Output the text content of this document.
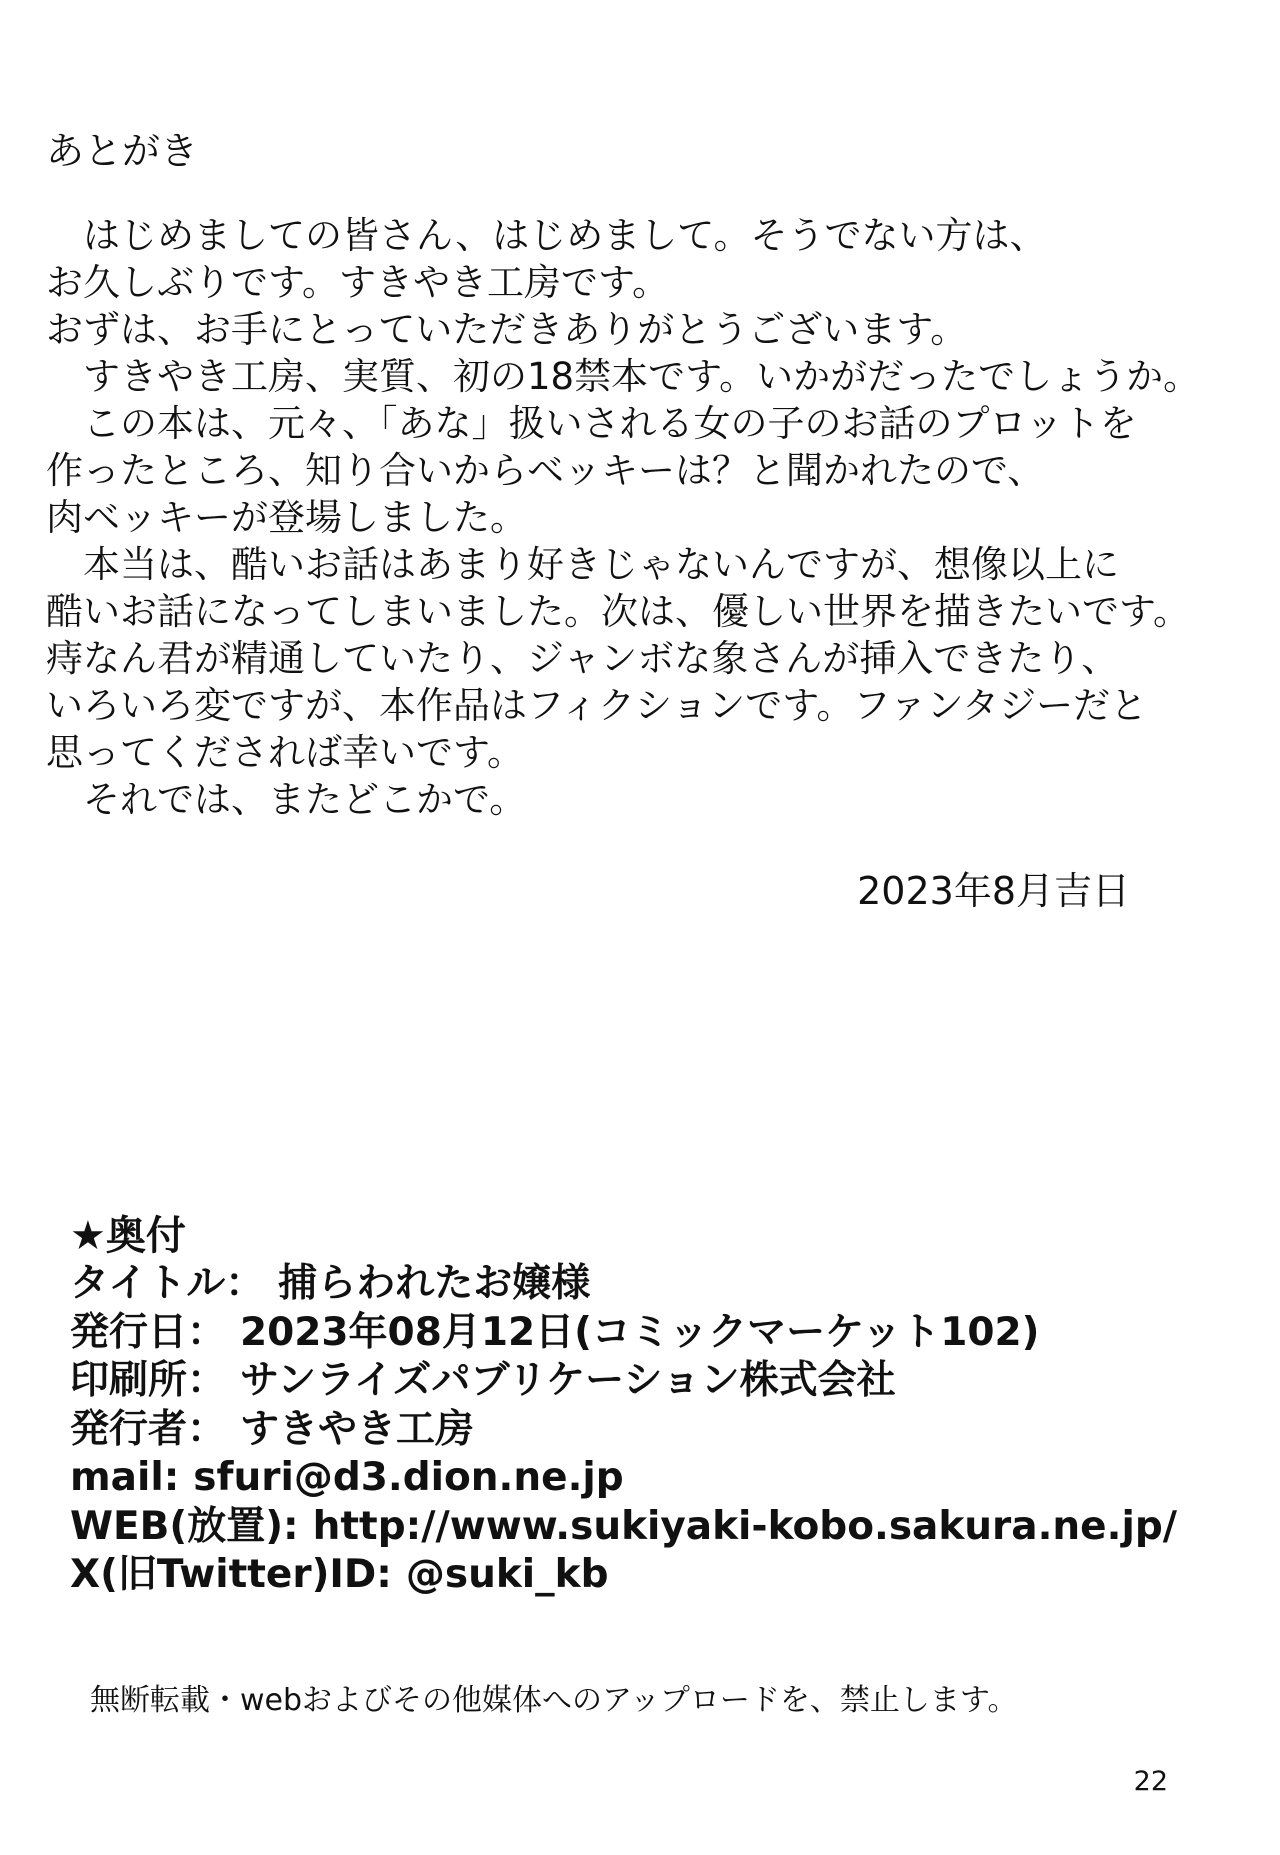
あとがき
　はじめましての皆さん、はじめまして。そうでない方は、
お久しぶりです。すきやき工房です。
おずは、お手にとっていただきありがとうございます。
　すきやき工房、実質、初の18禁本です。いかがだったでしょうか。
　この本は、元々、「あな」扱いされる女の子のお話のプロットを
作ったところ、知り合いからベッキーは？と聞かれたので、
肉ベッキーが登場しました。
　本当は、酷いお話はあまり好きじゃないんですが、想像以上に
酷いお話になってしまいました。次は、優しい世界を描きたいです。
痔なん君が精通していたり、ジャンボな象さんが挿入できたり、
いろいろ変ですが、本作品はフィクションです。ファンタジーだと
思ってくだされば幸いです。
　それでは、またどこかで。
2023年8月吉日
★奥付
タイトル： 捕らわれたお嬢様
発行日： 2023年08月12日(コミックマーケット102)
印刷所： サンライズパブリケーション株式会社
発行者： すきやき工房
mail: sfuri@d3.dion.ne.jp
WEB(放置): http://www.sukiyaki-kobo.sakura.ne.jp/
X(旧Twitter)ID: @suki_kb
無断転載・webおよびその他媒体へのアップロードを、禁止します。
22
